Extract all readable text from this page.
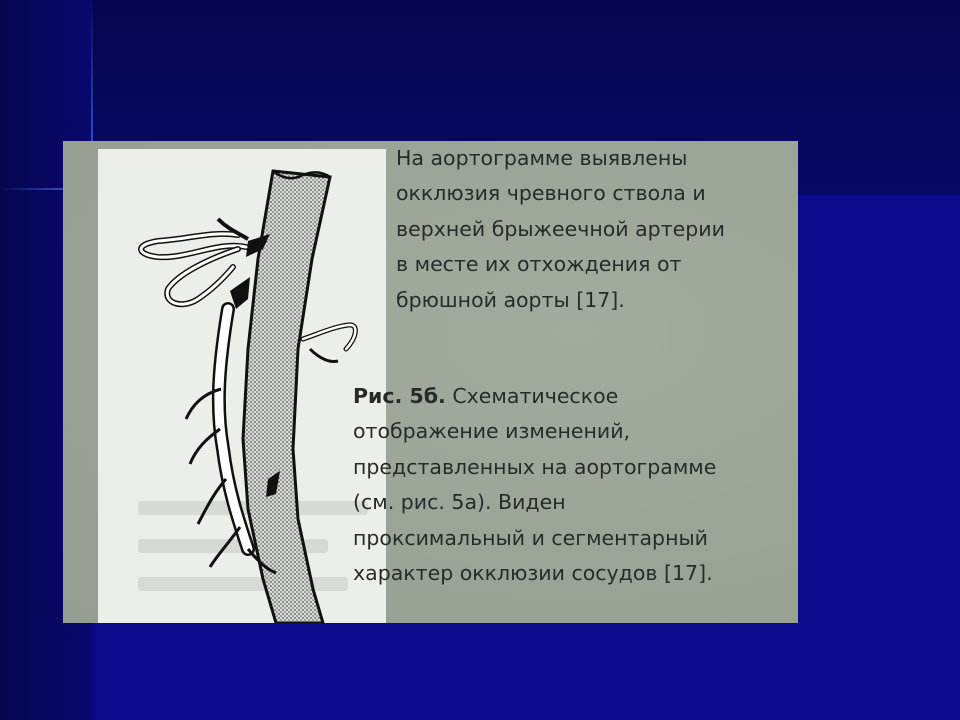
На аортограмме выявлены
окклюзия чревного ствола и
верхней брыжеечной артерии
в месте их отхождения от
брюшной аорты [17].

Рис. 5б. Схематическое
отображение изменений,
представленных на аортограмме
(см. рис. 5а). Виден
проксимальный и сегментарный
характер окклюзии сосудов [17].
